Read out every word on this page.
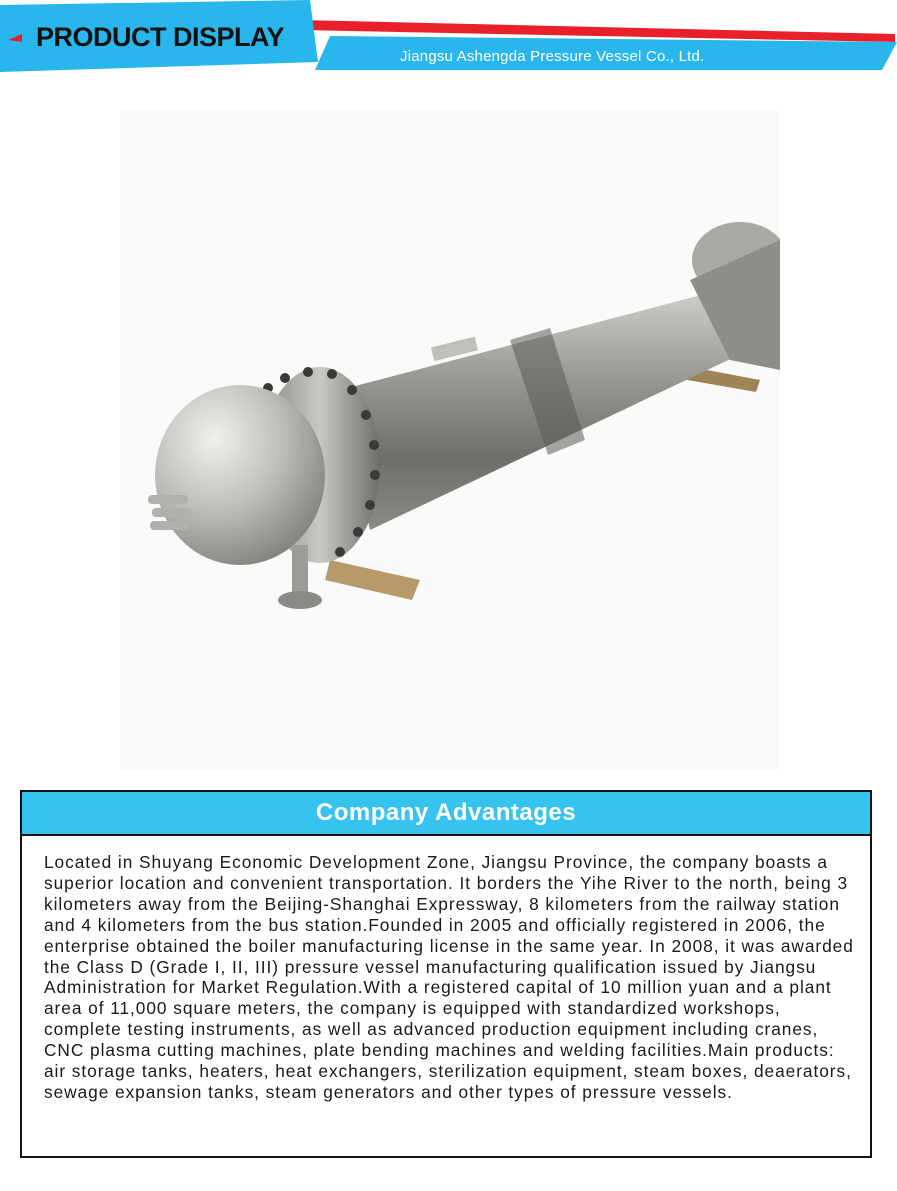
PRODUCT DISPLAY
Jiangsu Ashengda Pressure Vessel Co., Ltd.
Company Advantages
Located in Shuyang Economic Development Zone, Jiangsu Province, the company boasts a superior location and convenient transportation. It borders the Yihe River to the north, being 3 kilometers away from the Beijing-Shanghai Expressway, 8 kilometers from the railway station and 4 kilometers from the bus station.Founded in 2005 and officially registered in 2006, the enterprise obtained the boiler manufacturing license in the same year. In 2008, it was awarded the Class D (Grade I, II, III) pressure vessel manufacturing qualification issued by Jiangsu Administration for Market Regulation.With a registered capital of 10 million yuan and a plant area of 11,000 square meters, the company is equipped with standardized workshops, complete testing instruments, as well as advanced production equipment including cranes, CNC plasma cutting machines, plate bending machines and welding facilities.Main products: air storage tanks, heaters, heat exchangers, sterilization equipment, steam boxes, deaerators, sewage expansion tanks, steam generators and other types of pressure vessels.
